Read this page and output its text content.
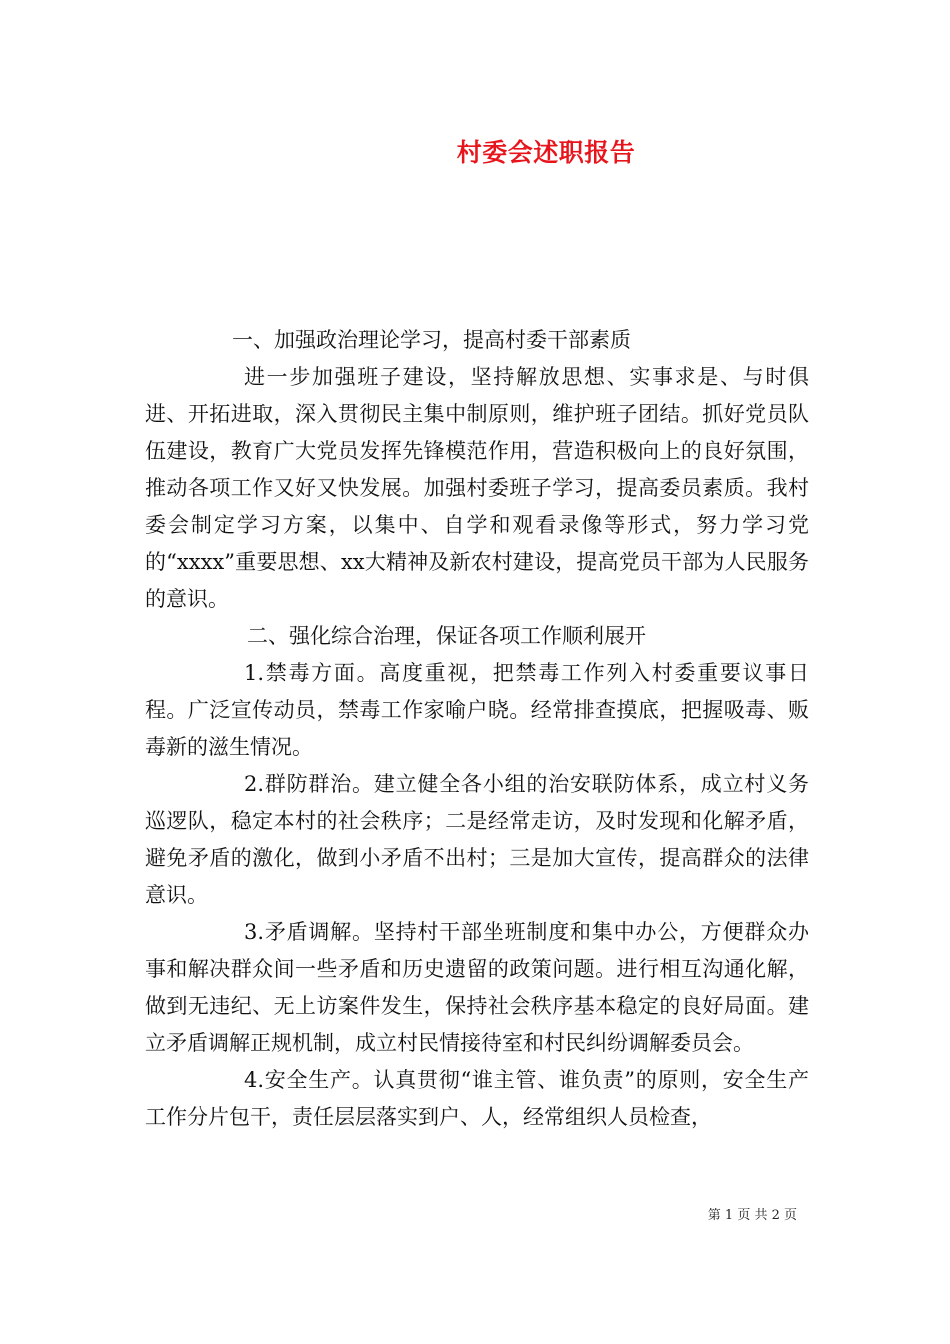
村委会述职报告

一、加强政治理论学习，提高村委干部素质

进一步加强班子建设，坚持解放思想、实事求是、与时俱进、开拓进取，深入贯彻民主集中制原则，维护班子团结。抓好党员队伍建设，教育广大党员发挥先锋模范作用，营造积极向上的良好氛围，推动各项工作又好又快发展。加强村委班子学习，提高委员素质。我村委会制定学习方案，以集中、自学和观看录像等形式，努力学习党的“xxxx”重要思想、xx大精神及新农村建设，提高党员干部为人民服务的意识。

二、强化综合治理，保证各项工作顺利展开

1.禁毒方面。高度重视，把禁毒工作列入村委重要议事日程。广泛宣传动员，禁毒工作家喻户晓。经常排查摸底，把握吸毒、贩毒新的滋生情况。

2.群防群治。建立健全各小组的治安联防体系，成立村义务巡逻队，稳定本村的社会秩序；二是经常走访，及时发现和化解矛盾，避免矛盾的激化，做到小矛盾不出村；三是加大宣传，提高群众的法律意识。

3.矛盾调解。坚持村干部坐班制度和集中办公，方便群众办事和解决群众间一些矛盾和历史遗留的政策问题。进行相互沟通化解，做到无违纪、无上访案件发生，保持社会秩序基本稳定的良好局面。建立矛盾调解正规机制，成立村民情接待室和村民纠纷调解委员会。

4.安全生产。认真贯彻“谁主管、谁负责”的原则，安全生产工作分片包干，责任层层落实到户、人，经常组织人员检查，

第 1 页 共 2 页
